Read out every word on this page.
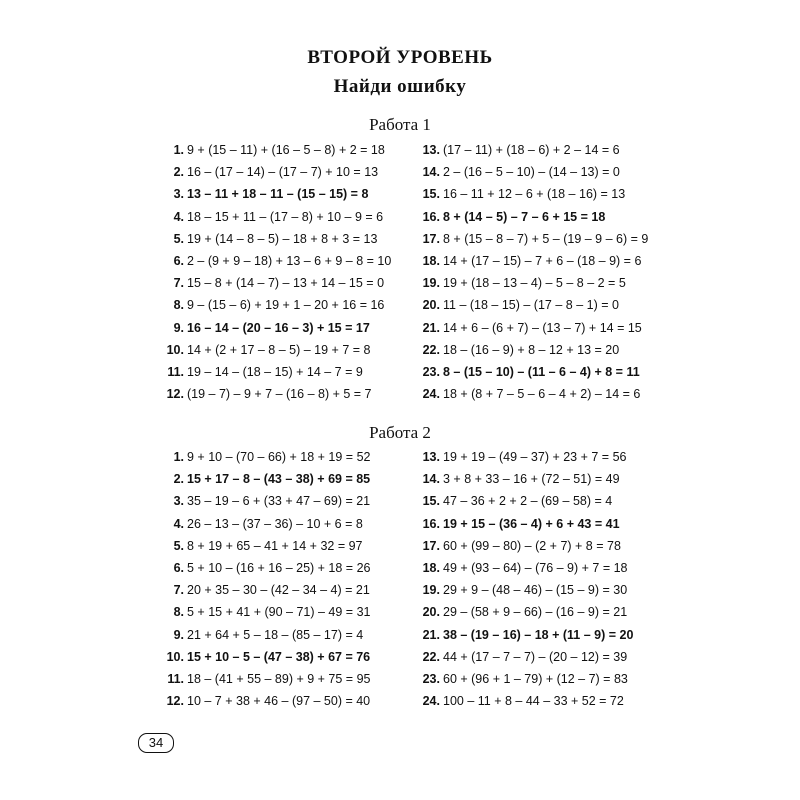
ВТОРОЙ УРОВЕНЬ
Найди ошибку
Работа 1
1. 9 + (15 – 11) + (16 – 5 – 8) + 2 = 18
2. 16 – (17 – 14) – (17 – 7) + 10 = 13
3. 13 – 11 + 18 – 11 – (15 – 15) = 8
4. 18 – 15 + 11 – (17 – 8) + 10 – 9 = 6
5. 19 + (14 – 8 – 5) – 18 + 8 + 3 = 13
6. 2 – (9 + 9 – 18) + 13 – 6 + 9 – 8 = 10
7. 15 – 8 + (14 – 7) – 13 + 14 – 15 = 0
8. 9 – (15 – 6) + 19 + 1 – 20 + 16 = 16
9. 16 – 14 – (20 – 16 – 3) + 15 = 17
10. 14 + (2 + 17 – 8 – 5) – 19 + 7 = 8
11. 19 – 14 – (18 – 15) + 14 – 7 = 9
12. (19 – 7) – 9 + 7 – (16 – 8) + 5 = 7
13. (17 – 11) + (18 – 6) + 2 – 14 = 6
14. 2 – (16 – 5 – 10) – (14 – 13) = 0
15. 16 – 11 + 12 – 6 + (18 – 16) = 13
16. 8 + (14 – 5) – 7 – 6 + 15 = 18
17. 8 + (15 – 8 – 7) + 5 – (19 – 9 – 6) = 9
18. 14 + (17 – 15) – 7 + 6 – (18 – 9) = 6
19. 19 + (18 – 13 – 4) – 5 – 8 – 2 = 5
20. 11 – (18 – 15) – (17 – 8 – 1) = 0
21. 14 + 6 – (6 + 7) – (13 – 7) + 14 = 15
22. 18 – (16 – 9) + 8 – 12 + 13 = 20
23. 8 – (15 – 10) – (11 – 6 – 4) + 8 = 11
24. 18 + (8 + 7 – 5 – 6 – 4 + 2) – 14 = 6
Работа 2
1. 9 + 10 – (70 – 66) + 18 + 19 = 52
2. 15 + 17 – 8 – (43 – 38) + 69 = 85
3. 35 – 19 – 6 + (33 + 47 – 69) = 21
4. 26 – 13 – (37 – 36) – 10 + 6 = 8
5. 8 + 19 + 65 – 41 + 14 + 32 = 97
6. 5 + 10 – (16 + 16 – 25) + 18 = 26
7. 20 + 35 – 30 – (42 – 34 – 4) = 21
8. 5 + 15 + 41 + (90 – 71) – 49 = 31
9. 21 + 64 + 5 – 18 – (85 – 17) = 4
10. 15 + 10 – 5 – (47 – 38) + 67 = 76
11. 18 – (41 + 55 – 89) + 9 + 75 = 95
12. 10 – 7 + 38 + 46 – (97 – 50) = 40
13. 19 + 19 – (49 – 37) + 23 + 7 = 56
14. 3 + 8 + 33 – 16 + (72 – 51) = 49
15. 47 – 36 + 2 + 2 – (69 – 58) = 4
16. 19 + 15 – (36 – 4) + 6 + 43 = 41
17. 60 + (99 – 80) – (2 + 7) + 8 = 78
18. 49 + (93 – 64) – (76 – 9) + 7 = 18
19. 29 + 9 – (48 – 46) – (15 – 9) = 30
20. 29 – (58 + 9 – 66) – (16 – 9) = 21
21. 38 – (19 – 16) – 18 + (11 – 9) = 20
22. 44 + (17 – 7 – 7) – (20 – 12) = 39
23. 60 + (96 + 1 – 79) + (12 – 7) = 83
24. 100 – 11 + 8 – 44 – 33 + 52 = 72
34
